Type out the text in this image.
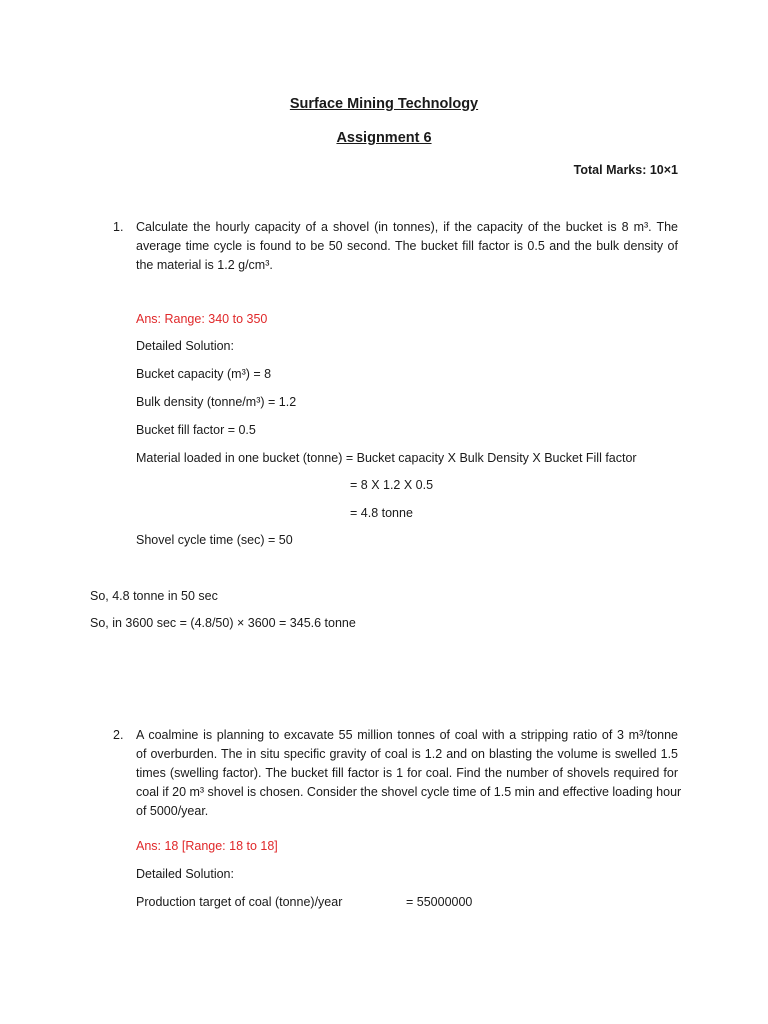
Surface Mining Technology
Assignment 6
Total Marks: 10×1
1. Calculate the hourly capacity of a shovel (in tonnes), if the capacity of the bucket is 8 m³. The
average time cycle is found to be 50 second. The bucket fill factor is 0.5 and the bulk density of
the material is 1.2 g/cm³.
Ans: Range: 340 to 350
Detailed Solution:
Bucket capacity (m³) = 8
Bulk density (tonne/m³) = 1.2
Bucket fill factor = 0.5
Material loaded in one bucket (tonne) = Bucket capacity X Bulk Density X Bucket Fill factor
= 8 X 1.2 X 0.5
= 4.8 tonne
Shovel cycle time (sec) = 50
So, 4.8 tonne in 50 sec
So, in 3600 sec = (4.8/50) × 3600 = 345.6 tonne
2. A coalmine is planning to excavate 55 million tonnes of coal with a stripping ratio of 3 m³/tonne
of overburden. The in situ specific gravity of coal is 1.2 and on blasting the volume is swelled 1.5
times (swelling factor). The bucket fill factor is 1 for coal. Find the number of shovels required for
coal if 20 m³ shovel is chosen. Consider the shovel cycle time of 1.5 min and effective loading hour
of 5000/year.
Ans: 18 [Range: 18 to 18]
Detailed Solution:
Production target of coal (tonne)/year	= 55000000
